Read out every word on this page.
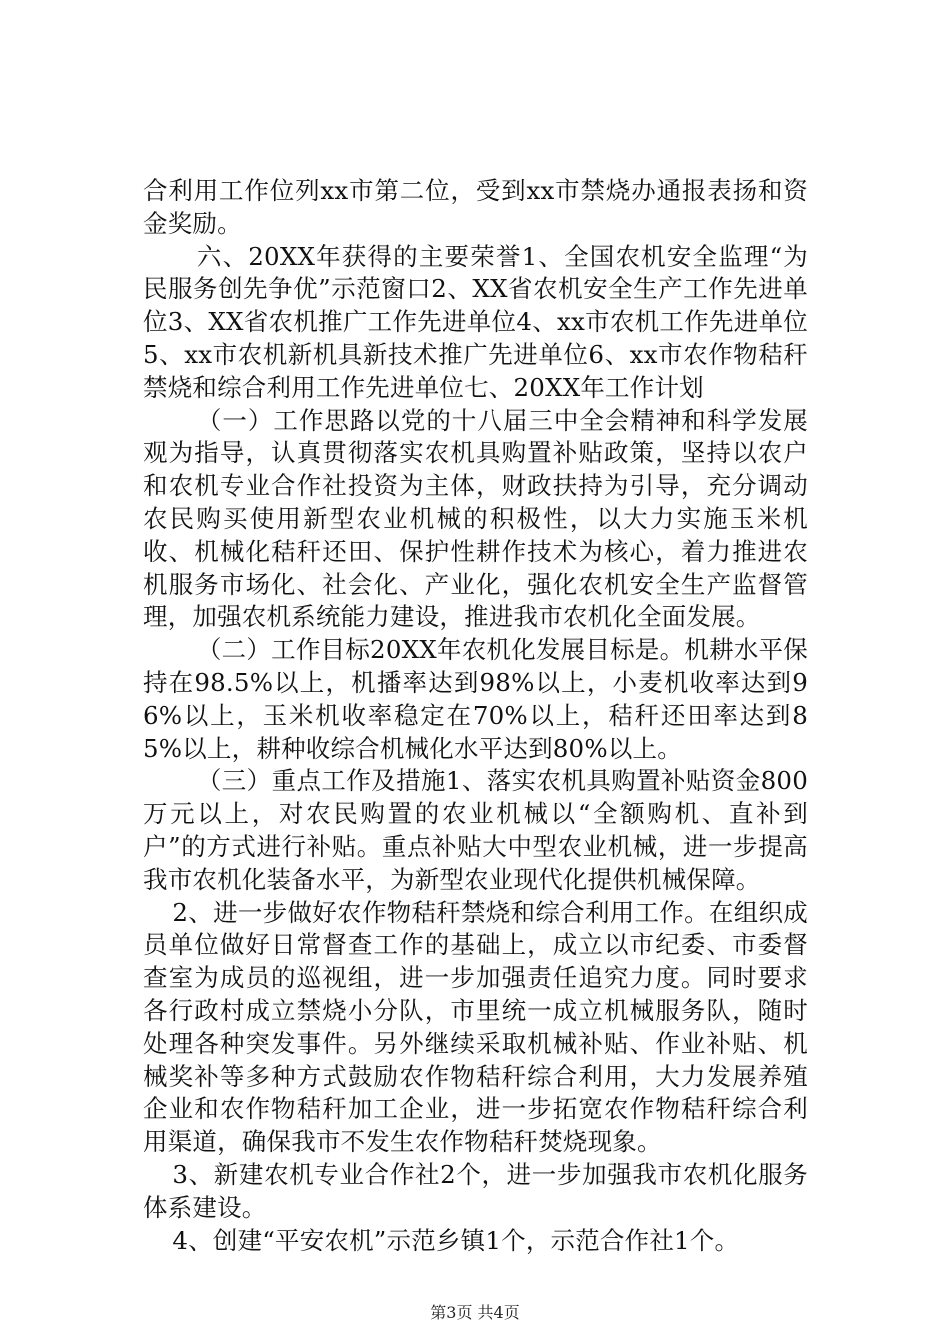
合利用工作位列xx市第二位，受到xx市禁烧办通报表扬和资金奖励。

六、20XX年获得的主要荣誉1、全国农机安全监理“为民服务创先争优”示范窗口2、XX省农机安全生产工作先进单位3、XX省农机推广工作先进单位4、xx市农机工作先进单位5、xx市农机新机具新技术推广先进单位6、xx市农作物秸秆禁烧和综合利用工作先进单位七、20XX年工作计划

（一）工作思路以党的十八届三中全会精神和科学发展观为指导，认真贯彻落实农机具购置补贴政策，坚持以农户和农机专业合作社投资为主体，财政扶持为引导，充分调动农民购买使用新型农业机械的积极性，以大力实施玉米机收、机械化秸秆还田、保护性耕作技术为核心，着力推进农机服务市场化、社会化、产业化，强化农机安全生产监督管理，加强农机系统能力建设，推进我市农机化全面发展。

（二）工作目标20XX年农机化发展目标是。机耕水平保持在98.5%以上，机播率达到98%以上，小麦机收率达到96%以上，玉米机收率稳定在70%以上，秸秆还田率达到85%以上，耕种收综合机械化水平达到80%以上。

（三）重点工作及措施1、落实农机具购置补贴资金800万元以上，对农民购置的农业机械以“全额购机、直补到户”的方式进行补贴。重点补贴大中型农业机械，进一步提高我市农机化装备水平，为新型农业现代化提供机械保障。

2、进一步做好农作物秸秆禁烧和综合利用工作。在组织成员单位做好日常督查工作的基础上，成立以市纪委、市委督查室为成员的巡视组，进一步加强责任追究力度。同时要求各行政村成立禁烧小分队，市里统一成立机械服务队，随时处理各种突发事件。另外继续采取机械补贴、作业补贴、机械奖补等多种方式鼓励农作物秸秆综合利用，大力发展养殖企业和农作物秸秆加工企业，进一步拓宽农作物秸秆综合利用渠道，确保我市不发生农作物秸秆焚烧现象。

3、新建农机专业合作社2个，进一步加强我市农机化服务体系建设。

4、创建“平安农机”示范乡镇1个，示范合作社1个。

第3页 共4页
